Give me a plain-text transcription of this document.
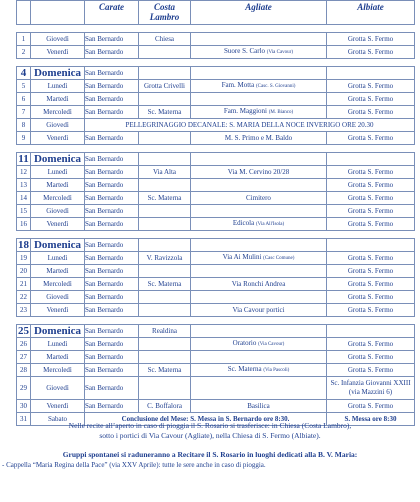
		Carate	Costa Lambro	Agliate	Albiate

1	Giovedì	San Bernardo	Chiesa		Grotta S. Fermo
2	Venerdì	San Bernardo		Suore S. Carlo (Via Cavour)	Grotta S. Fermo

4	Domenica	San Bernardo			
5	Lunedì	San Bernardo	Grotta Crivelli	Fam. Motta (Casc. S. Giovanni)	Grotta S. Fermo
6	Martedì	San Bernardo			Grotta S. Fermo
7	Mercoledì	San Bernardo	Sc. Materna	Fam. Maggioni (M. Bianco)	Grotta S. Fermo
8	Giovedì	PELLEGRINAGGIO DECANALE: S. MARIA DELLA NOCE INVERIGO ORE 20.30			
9	Venerdì	San Bernardo		M. S. Primo e M. Baldo	Grotta S. Fermo

11	Domenica	San Bernardo			
12	Lunedì	San Bernardo	Via Alta	Via M. Cervino 20/28	Grotta S. Fermo
13	Martedì	San Bernardo			Grotta S. Fermo
14	Mercoledì	San Bernardo	Sc. Materna	Cimitero	Grotta S. Fermo
15	Giovedì	San Bernardo			Grotta S. Fermo
16	Venerdì	San Bernardo		Edicola (Via All'Isola)	Grotta S. Fermo

18	Domenica	San Bernardo			
19	Lunedì	San Bernardo	V. Ravizzola	Via Ai Mulini (Casc Comune)	Grotta S. Fermo
20	Martedì	San Bernardo			Grotta S. Fermo
21	Mercoledì	San Bernardo	Sc. Materna	Via Ronchi Andrea	Grotta S. Fermo
22	Giovedì	San Bernardo			Grotta S. Fermo
23	Venerdì	San Bernardo		Via Cavour portici	Grotta S. Fermo

25	Domenica	San Bernardo	Realdina		
26	Lunedì	San Bernardo		Oratorio (Via Cavour)	Grotta S. Fermo
27	Martedì	San Bernardo			Grotta S. Fermo
28	Mercoledì	San Bernardo	Sc. Materna	Sc. Materna (Via Pascoli)	Grotta S. Fermo
29	Giovedì	San Bernardo			Sc. Infanzia Giovanni XXIII (via Mazzini 6)
30	Venerdì	San Bernardo	C. Boffalora	Basilica	Grotta S. Fermo
31	Sabato	Conclusione del Mese: S. Messa in S. Bernardo ore 8:30.			S. Messa ore 8:30
Nelle recite all’aperto in caso di pioggia il S. Rosario si trasferisce: in Chiesa (Costa Lambro),
sotto i portici di Via Cavour (Agliate), nella Chiesa di S. Fermo (Albiate).
Gruppi spontanei si raduneranno a Recitare il S. Rosario in luoghi dedicati alla B. V. Maria:
- Cappella “Maria Regina della Pace” (via XXV Aprile): tutte le sere anche in caso di pioggia.
